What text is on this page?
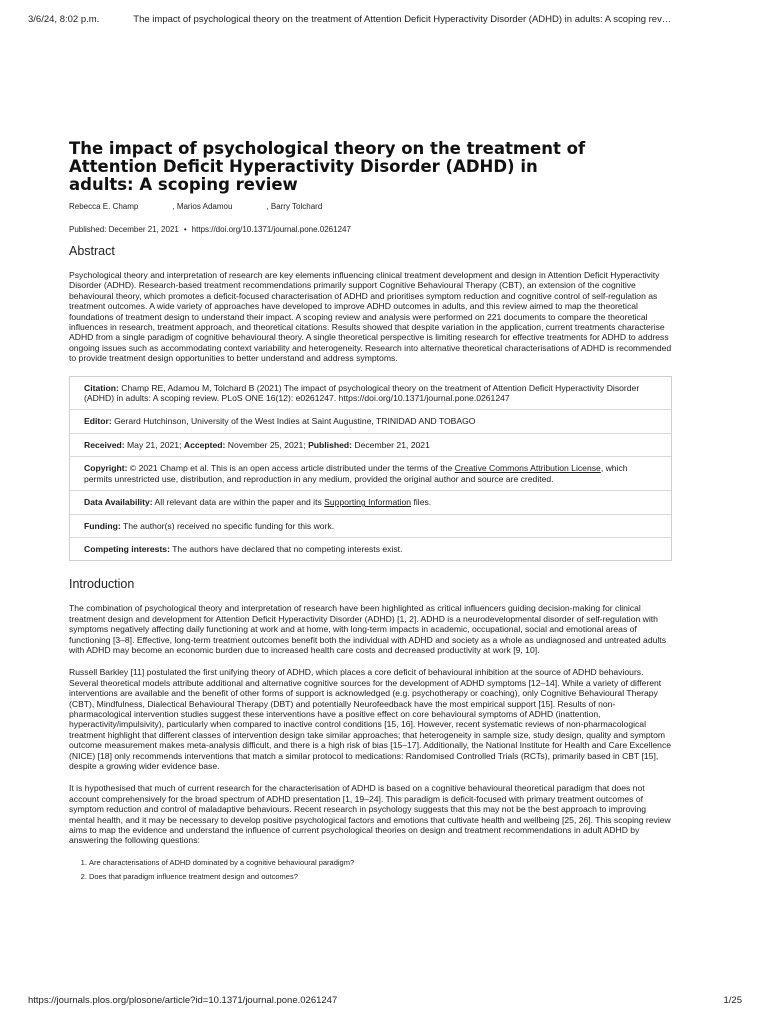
3/6/24, 8:02 p.m.	The impact of psychological theory on the treatment of Attention Deficit Hyperactivity Disorder (ADHD) in adults: A scoping rev…
The impact of psychological theory on the treatment of Attention Deficit Hyperactivity Disorder (ADHD) in adults: A scoping review
Rebecca E. Champ	, Marios Adamou	, Barry Tolchard
Published: December 21, 2021 • https://doi.org/10.1371/journal.pone.0261247
Abstract

Psychological theory and interpretation of research are key elements influencing clinical treatment development and design in Attention Deficit Hyperactivity Disorder (ADHD). Research-based treatment recommendations primarily support Cognitive Behavioural Therapy (CBT), an extension of the cognitive behavioural theory, which promotes a deficit-focused characterisation of ADHD and prioritises symptom reduction and cognitive control of self-regulation as treatment outcomes. A wide variety of approaches have developed to improve ADHD outcomes in adults, and this review aimed to map the theoretical foundations of treatment design to understand their impact. A scoping review and analysis were performed on 221 documents to compare the theoretical influences in research, treatment approach, and theoretical citations. Results showed that despite variation in the application, current treatments characterise ADHD from a single paradigm of cognitive behavioural theory. A single theoretical perspective is limiting research for effective treatments for ADHD to address ongoing issues such as accommodating context variability and heterogeneity. Research into alternative theoretical characterisations of ADHD is recommended to provide treatment design opportunities to better understand and address symptoms.

Citation: Champ RE, Adamou M, Tolchard B (2021) The impact of psychological theory on the treatment of Attention Deficit Hyperactivity Disorder (ADHD) in adults: A scoping review. PLoS ONE 16(12): e0261247. https://doi.org/10.1371/journal.pone.0261247
Editor: Gerard Hutchinson, University of the West Indies at Saint Augustine, TRINIDAD AND TOBAGO
Received: May 21, 2021; Accepted: November 25, 2021; Published: December 21, 2021
Copyright: © 2021 Champ et al. This is an open access article distributed under the terms of the Creative Commons Attribution License, which permits unrestricted use, distribution, and reproduction in any medium, provided the original author and source are credited.
Data Availability: All relevant data are within the paper and its Supporting Information files.
Funding: The author(s) received no specific funding for this work.
Competing interests: The authors have declared that no competing interests exist.
Introduction

The combination of psychological theory and interpretation of research have been highlighted as critical influencers guiding decision-making for clinical treatment design and development for Attention Deficit Hyperactivity Disorder (ADHD) [1, 2]. ADHD is a neurodevelopmental disorder of self-regulation with symptoms negatively affecting daily functioning at work and at home, with long-term impacts in academic, occupational, social and emotional areas of functioning [3–8]. Effective, long-term treatment outcomes benefit both the individual with ADHD and society as a whole as undiagnosed and untreated adults with ADHD may become an economic burden due to increased health care costs and decreased productivity at work [9, 10].

Russell Barkley [11] postulated the first unifying theory of ADHD, which places a core deficit of behavioural inhibition at the source of ADHD behaviours. Several theoretical models attribute additional and alternative cognitive sources for the development of ADHD symptoms [12–14]. While a variety of different interventions are available and the benefit of other forms of support is acknowledged (e.g. psychotherapy or coaching), only Cognitive Behavioural Therapy (CBT), Mindfulness, Dialectical Behavioural Therapy (DBT) and potentially Neurofeedback have the most empirical support [15]. Results of non-pharmacological intervention studies suggest these interventions have a positive effect on core behavioural symptoms of ADHD (inattention, hyperactivity/impulsivity), particularly when compared to inactive control conditions [15, 16]. However, recent systematic reviews of non-pharmacological treatment highlight that different classes of intervention design take similar approaches; that heterogeneity in sample size, study design, quality and symptom outcome measurement makes meta-analysis difficult, and there is a high risk of bias [15–17]. Additionally, the National Institute for Health and Care Excellence (NICE) [18] only recommends interventions that match a similar protocol to medications: Randomised Controlled Trials (RCTs), primarily based in CBT [15], despite a growing wider evidence base.

It is hypothesised that much of current research for the characterisation of ADHD is based on a cognitive behavioural theoretical paradigm that does not account comprehensively for the broad spectrum of ADHD presentation [1, 19–24]. This paradigm is deficit-focused with primary treatment outcomes of symptom reduction and control of maladaptive behaviours. Recent research in psychology suggests that this may not be the best approach to improving mental health, and it may be necessary to develop positive psychological factors and emotions that cultivate health and wellbeing [25, 26]. This scoping review aims to map the evidence and understand the influence of current psychological theories on design and treatment recommendations in adult ADHD by answering the following questions:

1. Are characterisations of ADHD dominated by a cognitive behavioural paradigm?
2. Does that paradigm influence treatment design and outcomes?
https://journals.plos.org/plosone/article?id=10.1371/journal.pone.0261247	1/25
